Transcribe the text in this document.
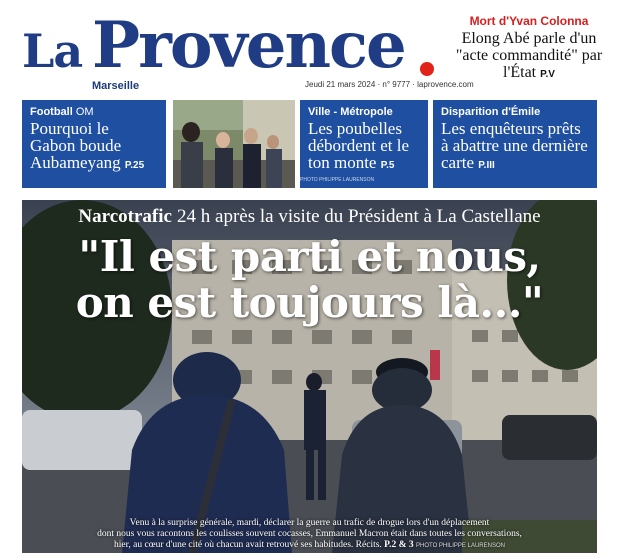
La Provence
Marseille	Jeudi 21 mars 2024 · n° 9777 · laprovence.com
Mort d'Yvan Colonna
Elong Abé parle d'un "acte commandité" par l'État P.V
Football OM
Pourquoi le Gabon boude Aubameyang P.25
Ville - Métropole
Les poubelles débordent et le ton monte P.5
PHOTO PHILIPPE LAURENSON
Disparition d'Émile
Les enquêteurs prêts à abattre une dernière carte P.III
Narcotrafic 24 h après la visite du Président à La Castellane
"Il est parti et nous,
on est toujours là..."
Venu à la surprise générale, mardi, déclarer la guerre au trafic de drogue lors d'un déplacement
dont nous vous racontons les coulisses souvent cocasses, Emmanuel Macron était dans toutes les conversations,
hier, au cœur d'une cité où chacun avait retrouvé ses habitudes. Récits. P.2 & 3 PHOTO PHILIPPE LAURENSON
